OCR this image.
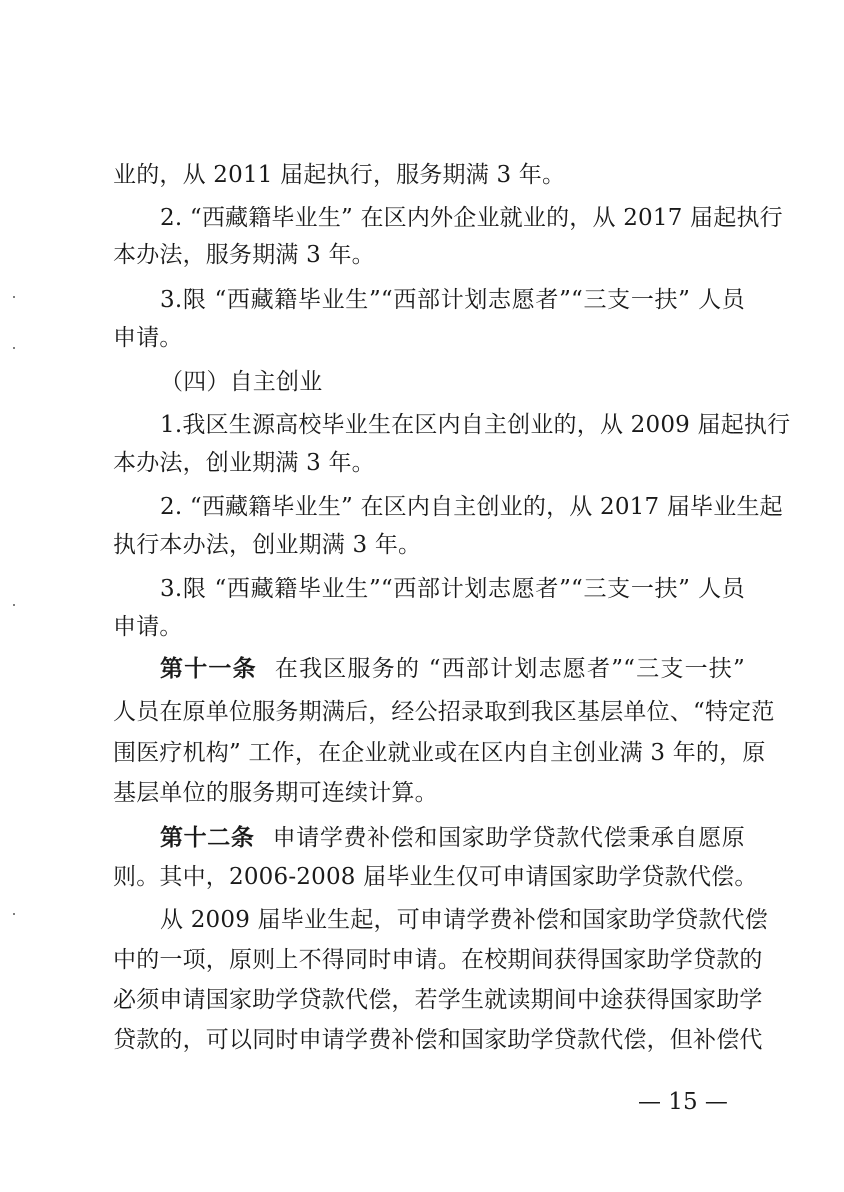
业的，从 2011 届起执行，服务期满 3 年。
2. “西藏籍毕业生” 在区内外企业就业的，从 2017 届起执行
本办法，服务期满 3 年。
3.限 “西藏籍毕业生”“西部计划志愿者”“三支一扶” 人员
申请。
（四）自主创业
1.我区生源高校毕业生在区内自主创业的，从 2009 届起执行
本办法，创业期满 3 年。
2. “西藏籍毕业生” 在区内自主创业的，从 2017 届毕业生起
执行本办法，创业期满 3 年。
3.限 “西藏籍毕业生”“西部计划志愿者”“三支一扶” 人员
申请。
第十一条 在我区服务的 “西部计划志愿者”“三支一扶”
人员在原单位服务期满后，经公招录取到我区基层单位、“特定范
围医疗机构” 工作，在企业就业或在区内自主创业满 3 年的，原
基层单位的服务期可连续计算。
第十二条 申请学费补偿和国家助学贷款代偿秉承自愿原
则。其中，2006-2008 届毕业生仅可申请国家助学贷款代偿。
从 2009 届毕业生起，可申请学费补偿和国家助学贷款代偿
中的一项，原则上不得同时申请。在校期间获得国家助学贷款的
必须申请国家助学贷款代偿，若学生就读期间中途获得国家助学
贷款的，可以同时申请学费补偿和国家助学贷款代偿，但补偿代
— 15 —
